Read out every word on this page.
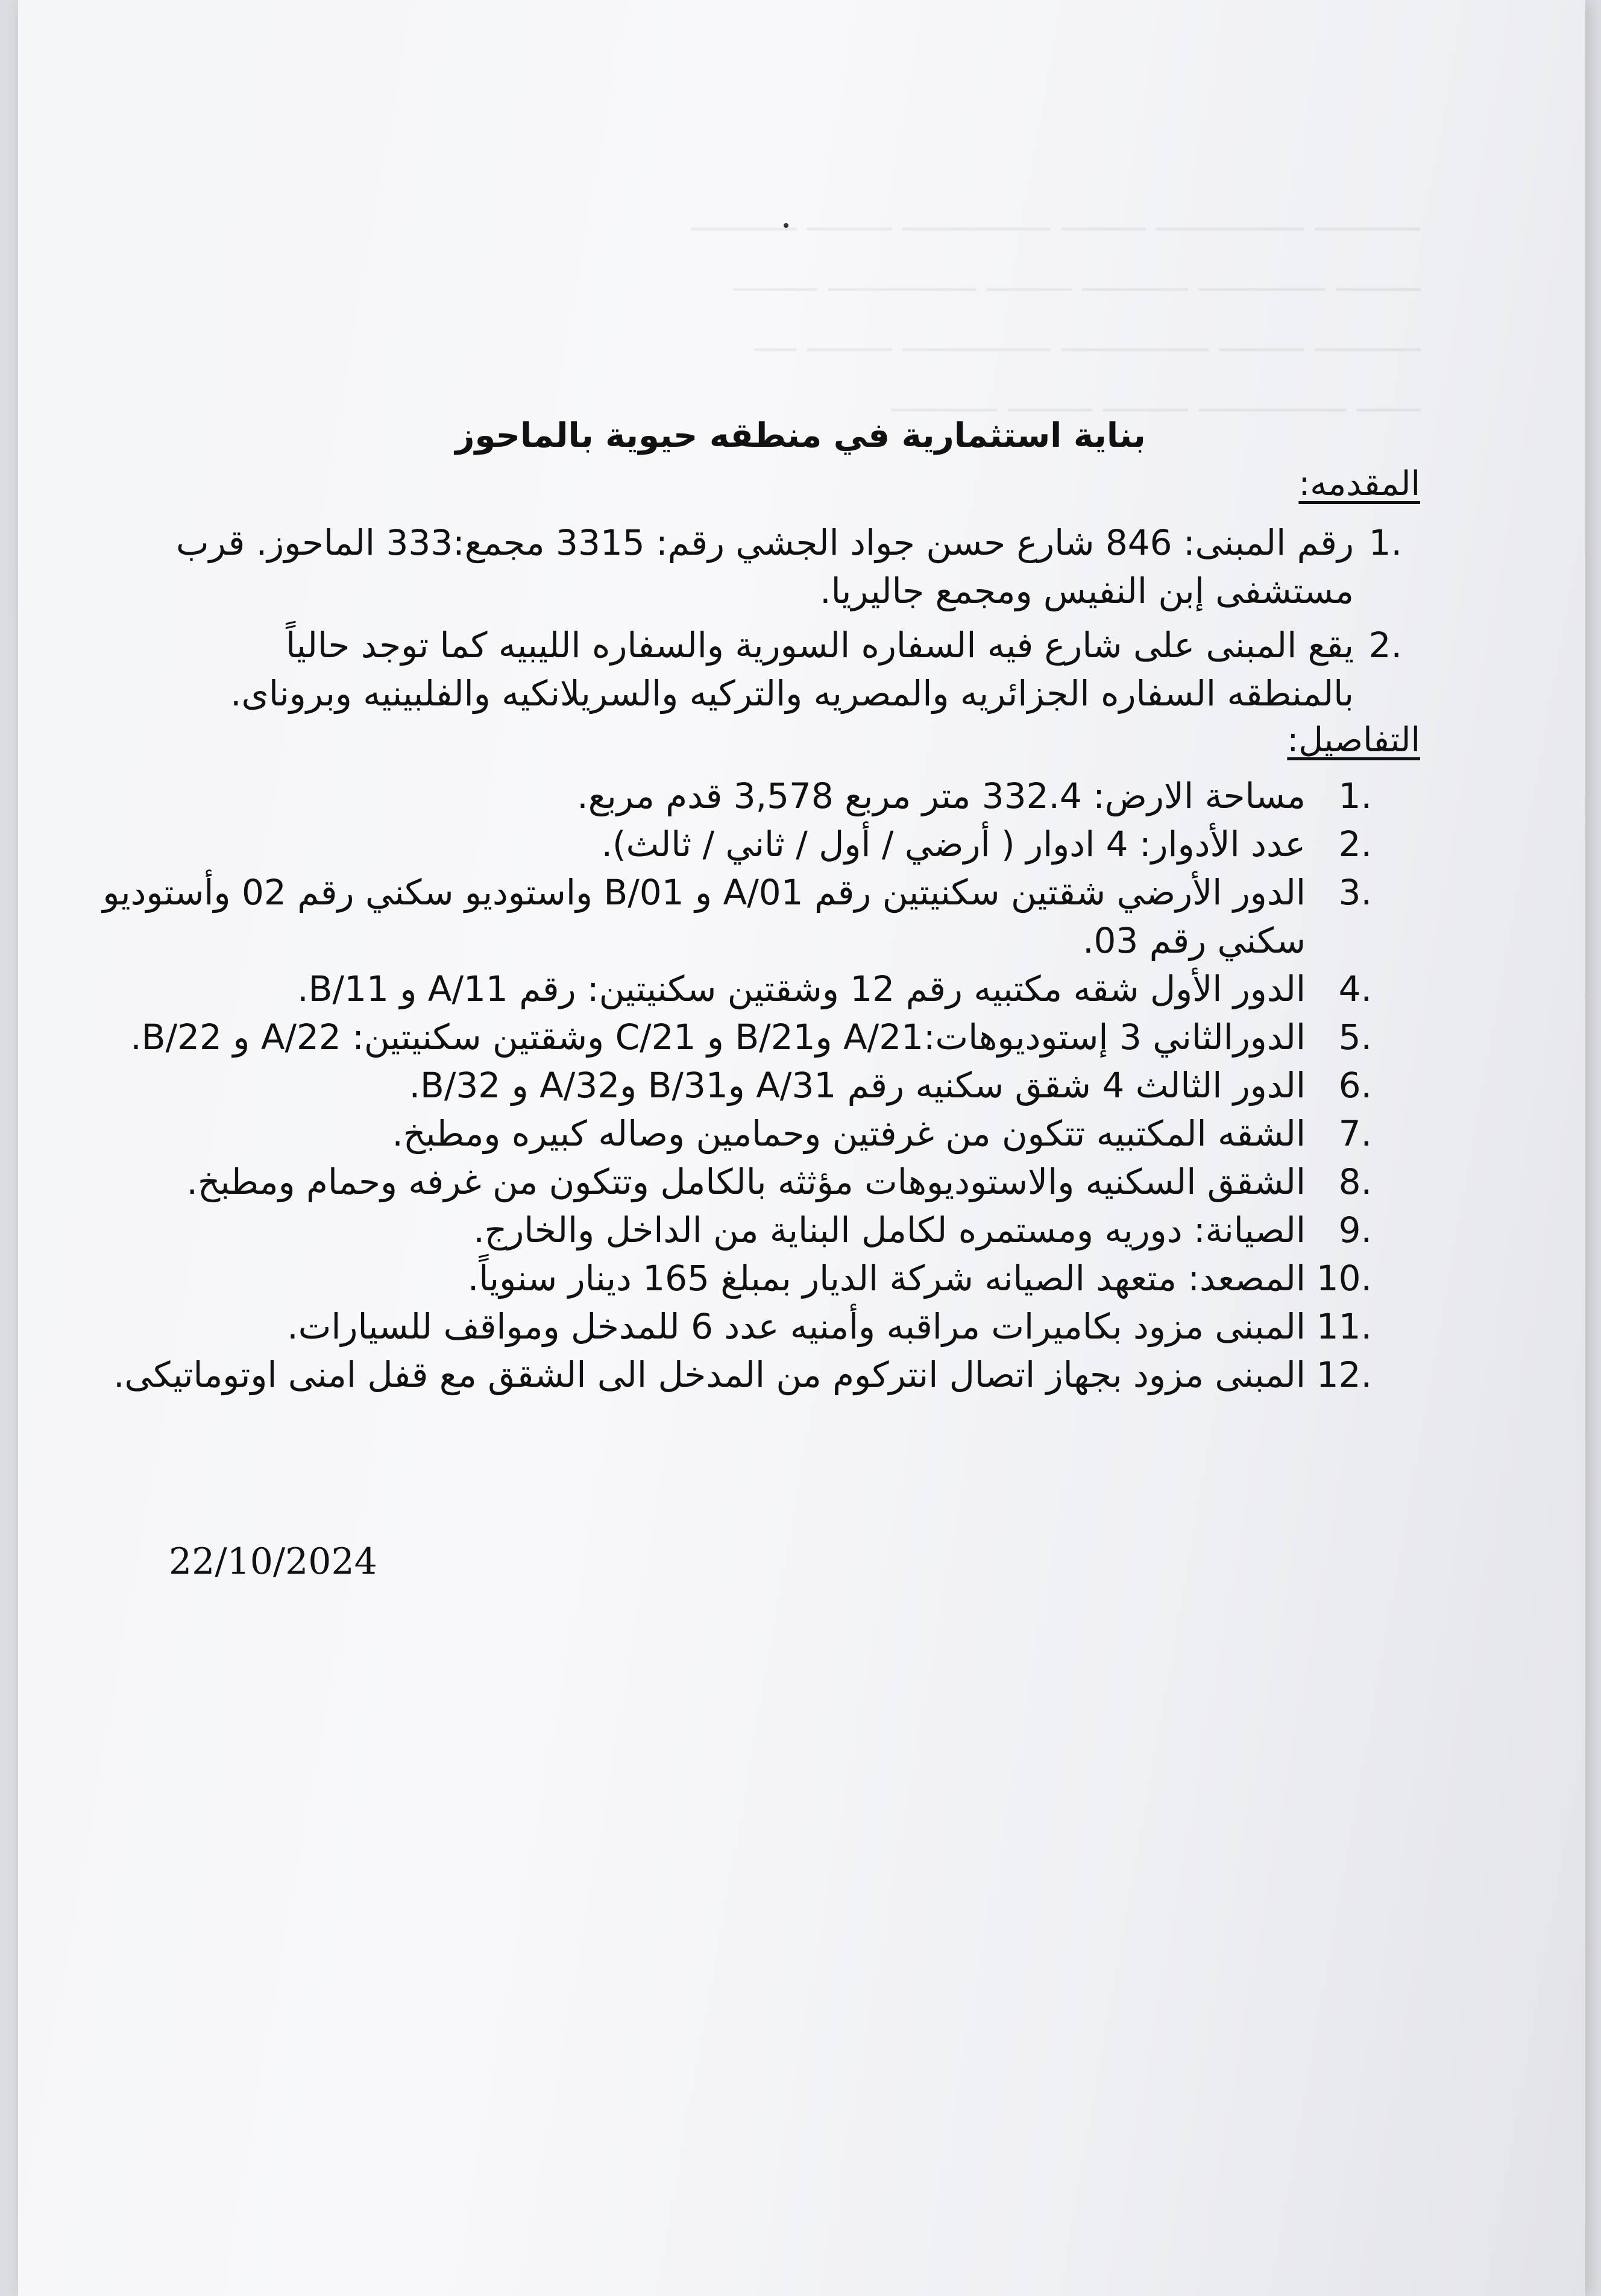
بناية استثمارية في منطقه حيوية بالماحوز

المقدمه:

1.
رقم المبنى: 846 شارع حسن جواد الجشي رقم: 3315 مجمع:333 الماحوز. قرب مستشفى إبن النفيس ومجمع جاليريا.
2.
يقع المبنى على شارع فيه السفاره السورية والسفاره الليبيه كما توجد حالياً بالمنطقه السفاره الجزائريه والمصريه والتركيه والسريلانكيه والفلبينيه وبروناى.

التفاصيل:

1.
مساحة الارض: 332.4 متر مربع 3,578 قدم مربع.
2.
عدد الأدوار: 4 ادوار ( أرضي / أول / ثاني / ثالث).
3.
الدور الأرضي شقتين سكنيتين رقم 01/A و 01/B واستوديو سكني رقم 02 وأستوديو سكني رقم 03.
4.
الدور الأول شقه مكتبيه رقم 12 وشقتين سكنيتين: رقم 11/A و 11/B.
5.
الدورالثاني 3 إستوديوهات:21/A و21/B و 21/C وشقتين سكنيتين: A/22 و B/22.
6.
الدور الثالث 4 شقق سكنيه رقم 31/A و31/B و32/A و 32/B.
7.
الشقه المكتبيه تتكون من غرفتين وحمامين وصاله كبيره ومطبخ.
8.
الشقق السكنيه والاستوديوهات مؤثثه بالكامل وتتكون من غرفه وحمام ومطبخ.
9.
الصيانة: دوريه ومستمره لكامل البناية من الداخل والخارج.
10.
المصعد: متعهد الصيانه شركة الديار بمبلغ 165 دينار سنوياً.
11.
المبنى مزود بكاميرات مراقبه وأمنيه عدد 6 للمدخل ومواقف للسيارات.
12.
المبنى مزود بجهاز اتصال انتركوم من المدخل الى الشقق مع قفل امنى اوتوماتيكى.

22/10/2024
